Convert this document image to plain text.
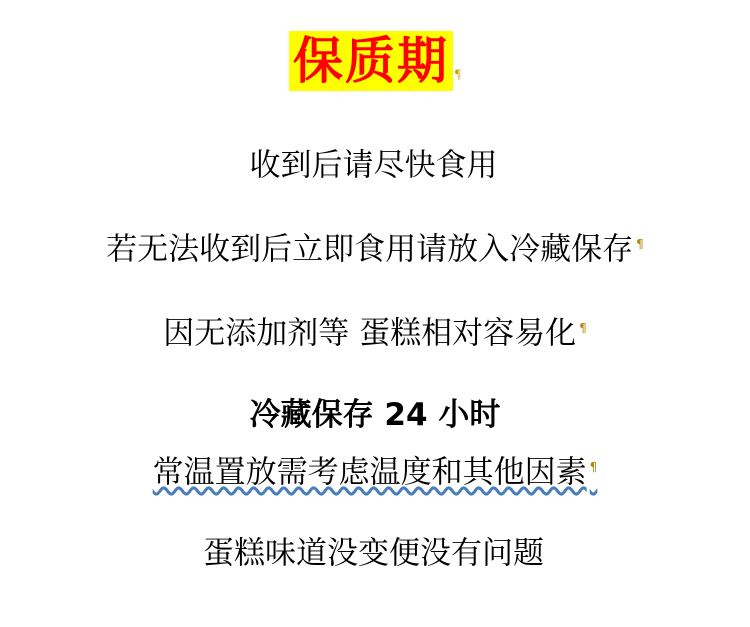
保质期 ¶
收到后请尽快食用
若无法收到后立即食用请放入冷藏保存 ¶
因无添加剂等 蛋糕相对容易化 ¶
冷藏保存 24 小时
常温置放需考虑温度和其他因素 ¶
蛋糕味道没变便没有问题
